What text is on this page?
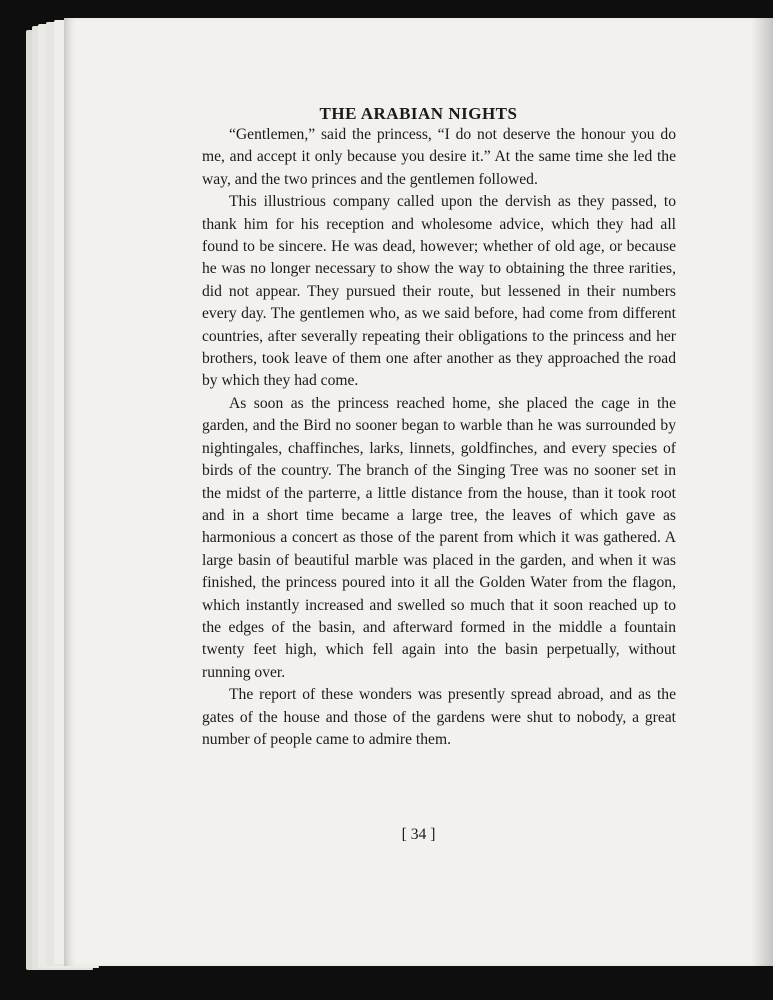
THE ARABIAN NIGHTS

“Gentlemen,” said the princess, “I do not deserve the honour you do me, and accept it only because you desire it.” At the same time she led the way, and the two princes and the gentlemen followed.

This illustrious company called upon the dervish as they passed, to thank him for his reception and wholesome advice, which they had all found to be sincere. He was dead, however; whether of old age, or because he was no longer necessary to show the way to obtaining the three rarities, did not appear. They pursued their route, but lessened in their numbers every day. The gentlemen who, as we said before, had come from different countries, after severally repeating their obligations to the princess and her brothers, took leave of them one after another as they approached the road by which they had come.

As soon as the princess reached home, she placed the cage in the garden, and the Bird no sooner began to warble than he was surrounded by nightingales, chaffinches, larks, linnets, goldfinches, and every species of birds of the country. The branch of the Singing Tree was no sooner set in the midst of the parterre, a little distance from the house, than it took root and in a short time became a large tree, the leaves of which gave as harmonious a concert as those of the parent from which it was gathered. A large basin of beautiful marble was placed in the garden, and when it was finished, the princess poured into it all the Golden Water from the flagon, which instantly increased and swelled so much that it soon reached up to the edges of the basin, and afterward formed in the middle a fountain twenty feet high, which fell again into the basin perpetually, without running over.

The report of these wonders was presently spread abroad, and as the gates of the house and those of the gardens were shut to nobody, a great number of people came to admire them.

[ 34 ]
